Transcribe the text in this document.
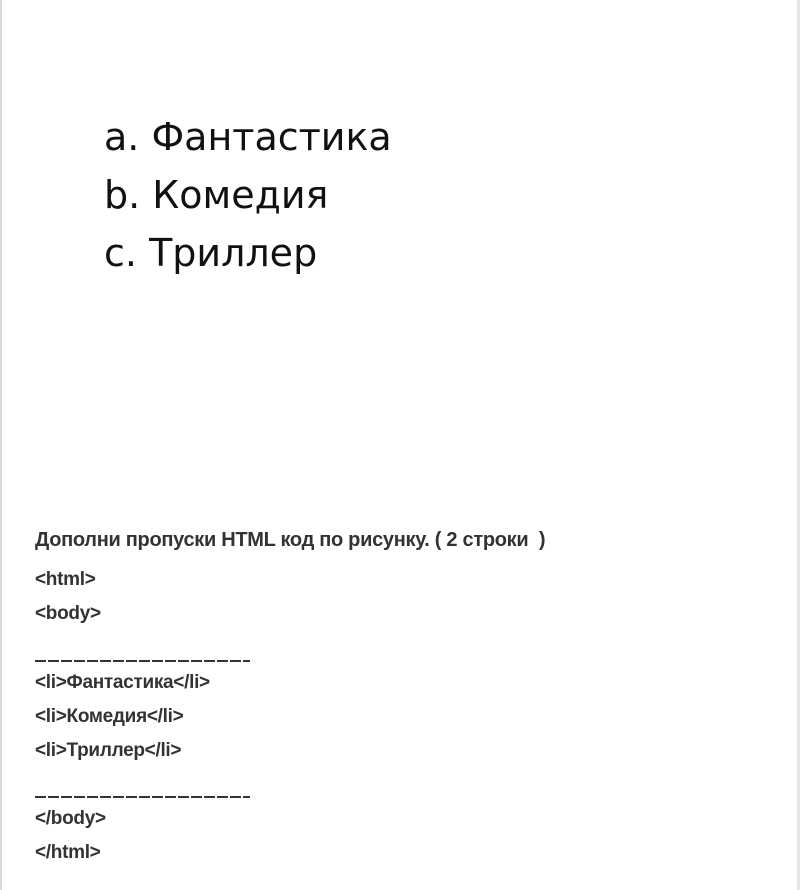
a. Фантастика
b. Комедия
c. Триллер
Дополни пропуски HTML код по рисунку. ( 2 строки  )
<html>
<body>
<li>Фантастика</li>
<li>Комедия</li>
<li>Триллер</li>
</body>
</html>
